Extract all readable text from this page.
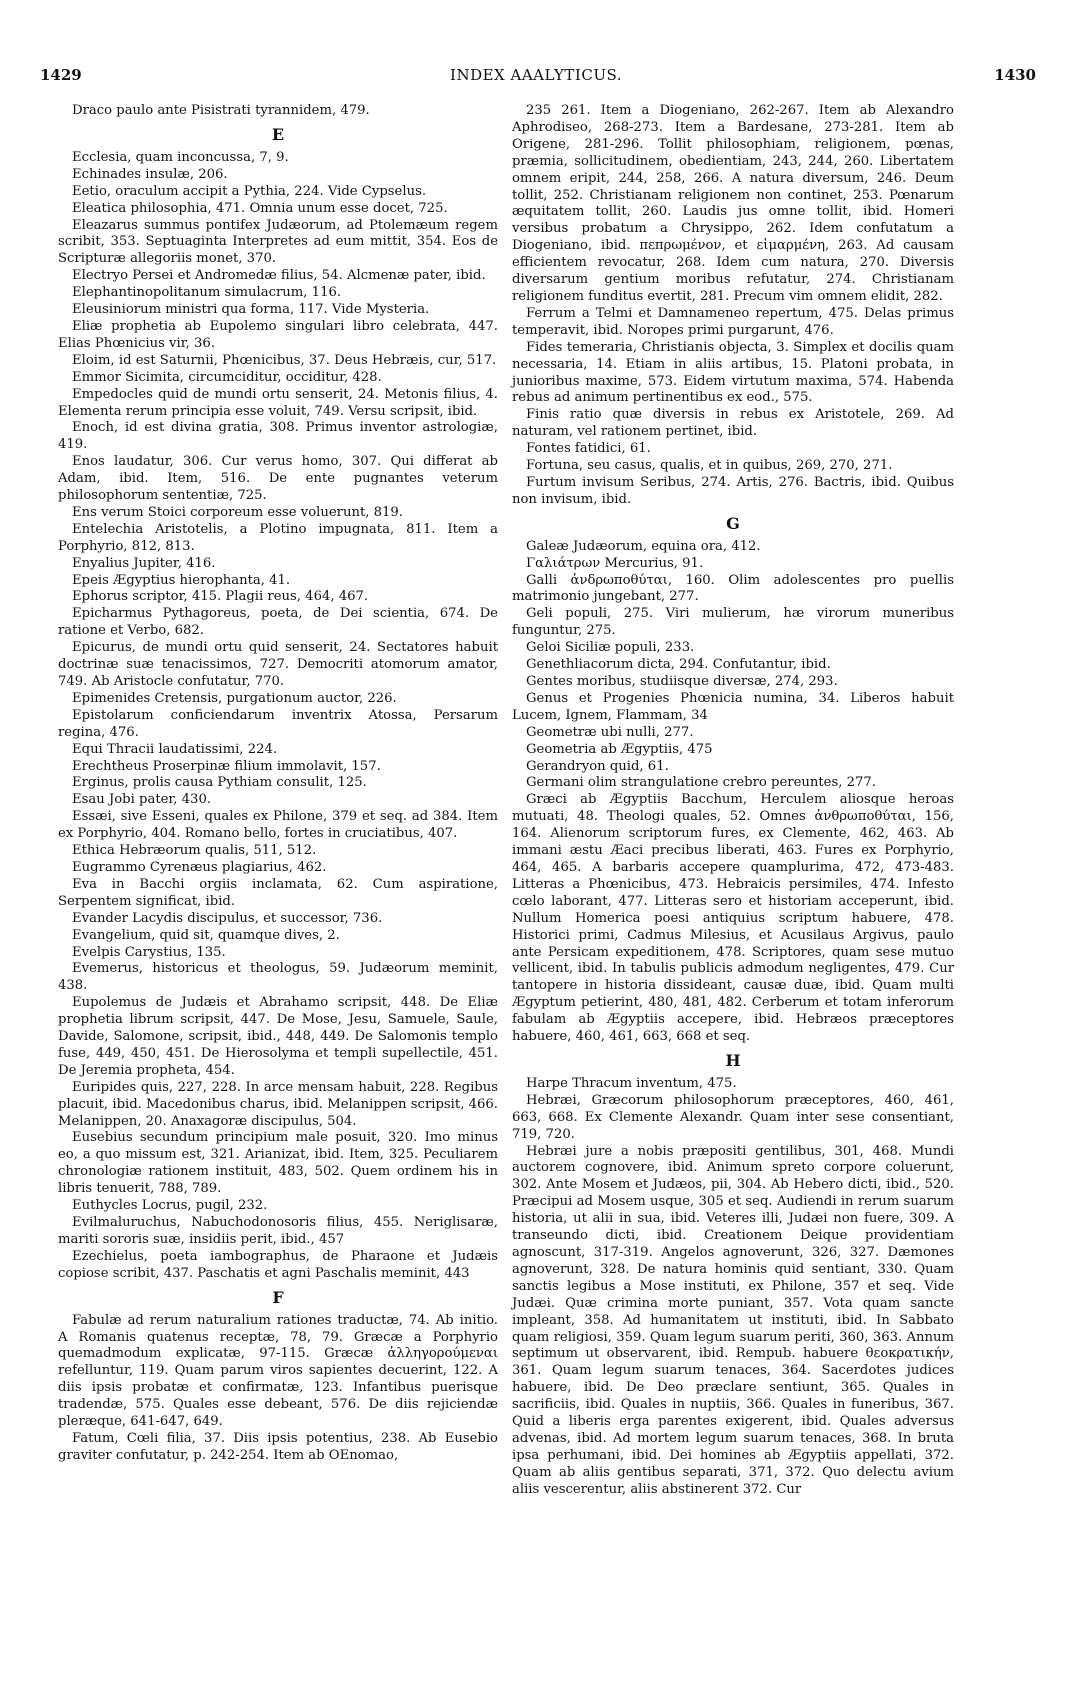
1429	INDEX AAALYTICUS.	1430

Draco paulo ante Pisistrati tyrannidem, 479.

E

Ecclesia, quam inconcussa, 7, 9.

Echinades insulæ, 206.

Eetio, oraculum accipit a Pythia, 224. Vide Cypselus.

Eleatica philosophia, 471. Omnia unum esse docet, 725.

Eleazarus summus pontifex Judæorum, ad Ptolemæum regem scribit, 353. Septuaginta Interpretes ad eum mittit, 354. Eos de Scripturæ allegoriis monet, 370.

Electryo Persei et Andromedæ filius, 54. Alcmenæ pater, ibid.

Elephantinopolitanum simulacrum, 116.

Eleusiniorum ministri qua forma, 117. Vide Mysteria.

Eliæ prophetia ab Eupolemo singulari libro celebrata, 447. Elias Phœnicius vir, 36.

Eloim, id est Saturnii, Phœnicibus, 37. Deus Hebræis, cur, 517.

Emmor Sicimita, circumciditur, occiditur, 428.

Empedocles quid de mundi ortu senserit, 24. Metonis filius, 4. Elementa rerum principia esse voluit, 749. Versu scripsit, ibid.

Enoch, id est divina gratia, 308. Primus inventor astrologiæ, 419.

Enos laudatur, 306. Cur verus homo, 307. Qui differat ab Adam, ibid. Item, 516. De ente pugnantes veterum philosophorum sententiæ, 725.

Ens verum Stoici corporeum esse voluerunt, 819.

Entelechia Aristotelis, a Plotino impugnata, 811. Item a Porphyrio, 812, 813.

Enyalius Jupiter, 416.

Epeis Ægyptius hierophanta, 41.

Ephorus scriptor, 415. Plagii reus, 464, 467.

Epicharmus Pythagoreus, poeta, de Dei scientia, 674. De ratione et Verbo, 682.

Epicurus, de mundi ortu quid senserit, 24. Sectatores habuit doctrinæ suæ tenacissimos, 727. Democriti atomorum amator, 749. Ab Aristocle confutatur, 770.

Epimenides Cretensis, purgationum auctor, 226.

Epistolarum conficiendarum inventrix Atossa, Persarum regina, 476.

Equi Thracii laudatissimi, 224.

Erechtheus Proserpinæ filium immolavit, 157.

Erginus, prolis causa Pythiam consulit, 125.

Esau Jobi pater, 430.

Essæi, sive Esseni, quales ex Philone, 379 et seq. ad 384. Item ex Porphyrio, 404. Romano bello, fortes in cruciatibus, 407.

Ethica Hebræorum qualis, 511, 512.

Eugrammo Cyrenæus plagiarius, 462.

Eva in Bacchi orgiis inclamata, 62. Cum aspiratione, Serpentem significat, ibid.

Evander Lacydis discipulus, et successor, 736.

Evangelium, quid sit, quamque dives, 2.

Evelpis Carystius, 135.

Evemerus, historicus et theologus, 59. Judæorum meminit, 438.

Eupolemus de Judæis et Abrahamo scripsit, 448. De Eliæ prophetia librum scripsit, 447. De Mose, Jesu, Samuele, Saule, Davide, Salomone, scripsit, ibid., 448, 449. De Salomonis templo fuse, 449, 450, 451. De Hierosolyma et templi supellectile, 451. De Jeremia propheta, 454.

Euripides quis, 227, 228. In arce mensam habuit, 228. Regibus placuit, ibid. Macedonibus charus, ibid. Melanippen scripsit, 466. Melanippen, 20. Anaxagoræ discipulus, 504.

Eusebius secundum principium male posuit, 320. Imo minus eo, a quo missum est, 321. Arianizat, ibid. Item, 325. Peculiarem chronologiæ rationem instituit, 483, 502. Quem ordinem his in libris tenuerit, 788, 789.

Euthycles Locrus, pugil, 232.

Evilmaluruchus, Nabuchodonosoris filius, 455. Neriglisaræ, mariti sororis suæ, insidiis perit, ibid., 457

Ezechielus, poeta iambographus, de Pharaone et Judæis copiose scribit, 437. Paschatis et agni Paschalis meminit, 443

F

Fabulæ ad rerum naturalium rationes traductæ, 74. Ab initio. A Romanis quatenus receptæ, 78, 79. Græcæ a Porphyrio quemadmodum explicatæ, 97-115. Græcæ ἀλληγορούμεναι refelluntur, 119. Quam parum viros sapientes decuerint, 122. A diis ipsis probatæ et confirmatæ, 123. Infantibus puerisque tradendæ, 575. Quales esse debeant, 576. De diis rejiciendæ pleræque, 641-647, 649.

Fatum, Cœli filia, 37. Diis ipsis potentius, 238. Ab Eusebio graviter confutatur, p. 242-254. Item ab OEnomao,

235 261. Item a Diogeniano, 262-267. Item ab Alexandro Aphrodiseo, 268-273. Item a Bardesane, 273-281. Item ab Origene, 281-296. Tollit philosophiam, religionem, pœnas, præmia, sollicitudinem, obedientiam, 243, 244, 260. Libertatem omnem eripit, 244, 258, 266. A natura diversum, 246. Deum tollit, 252. Christianam religionem non continet, 253. Pœnarum æquitatem tollit, 260. Laudis jus omne tollit, ibid. Homeri versibus probatum a Chrysippo, 262. Idem confutatum a Diogeniano, ibid. πεπρωμένον, et εἱμαρμένη, 263. Ad causam efficientem revocatur, 268. Idem cum natura, 270. Diversis diversarum gentium moribus refutatur, 274. Christianam religionem funditus evertit, 281. Precum vim omnem elidit, 282.

Ferrum a Telmi et Damnameneo repertum, 475. Delas primus temperavit, ibid. Noropes primi purgarunt, 476.

Fides temeraria, Christianis objecta, 3. Simplex et docilis quam necessaria, 14. Etiam in aliis artibus, 15. Platoni probata, in junioribus maxime, 573. Eidem virtutum maxima, 574. Habenda rebus ad animum pertinentibus ex eod., 575.

Finis ratio quæ diversis in rebus ex Aristotele, 269. Ad naturam, vel rationem pertinet, ibid.

Fontes fatidici, 61.

Fortuna, seu casus, qualis, et in quibus, 269, 270, 271.

Furtum invisum Seribus, 274. Artis, 276. Bactris, ibid. Quibus non invisum, ibid.

G

Galeæ Judæorum, equina ora, 412.

Γαλιάτρων Mercurius, 91.

Galli ἀνδρωποθύται, 160. Olim adolescentes pro puellis matrimonio jungebant, 277.

Geli populi, 275. Viri mulierum, hæ virorum muneribus funguntur, 275.

Geloi Siciliæ populi, 233.

Genethliacorum dicta, 294. Confutantur, ibid.

Gentes moribus, studiisque diversæ, 274, 293.

Genus et Progenies Phœnicia numina, 34. Liberos habuit Lucem, Ignem, Flammam, 34

Geometræ ubi nulli, 277.

Geometria ab Ægyptiis, 475

Gerandryon quid, 61.

Germani olim strangulatione crebro pereuntes, 277.

Græci ab Ægyptiis Bacchum, Herculem aliosque heroas mutuati, 48. Theologi quales, 52. Omnes ἀνθρωποθύται, 156, 164. Alienorum scriptorum fures, ex Clemente, 462, 463. Ab immani æstu Æaci precibus liberati, 463. Fures ex Porphyrio, 464, 465. A barbaris accepere quamplurima, 472, 473-483. Litteras a Phœnicibus, 473. Hebraicis persimiles, 474. Infesto cœlo laborant, 477. Litteras sero et historiam acceperunt, ibid. Nullum Homerica poesi antiquius scriptum habuere, 478. Historici primi, Cadmus Milesius, et Acusilaus Argivus, paulo ante Persicam expeditionem, 478. Scriptores, quam sese mutuo vellicent, ibid. In tabulis publicis admodum negligentes, 479. Cur tantopere in historia dissideant, causæ duæ, ibid. Quam multi Ægyptum petierint, 480, 481, 482. Cerberum et totam inferorum fabulam ab Ægyptiis accepere, ibid. Hebræos præceptores habuere, 460, 461, 663, 668 et seq.

H

Harpe Thracum inventum, 475.

Hebræi, Græcorum philosophorum præceptores, 460, 461, 663, 668. Ex Clemente Alexandr. Quam inter sese consentiant, 719, 720.

Hebræi jure a nobis præpositi gentilibus, 301, 468. Mundi auctorem cognovere, ibid. Animum spreto corpore coluerunt, 302. Ante Mosem et Judæos, pii, 304. Ab Hebero dicti, ibid., 520. Præcipui ad Mosem usque, 305 et seq. Audiendi in rerum suarum historia, ut alii in sua, ibid. Veteres illi, Judæi non fuere, 309. A transeundo dicti, ibid. Creationem Deique providentiam agnoscunt, 317-319. Angelos agnoverunt, 326, 327. Dæmones agnoverunt, 328. De natura hominis quid sentiant, 330. Quam sanctis legibus a Mose instituti, ex Philone, 357 et seq. Vide Judæi. Quæ crimina morte puniant, 357. Vota quam sancte impleant, 358. Ad humanitatem ut instituti, ibid. In Sabbato quam religiosi, 359. Quam legum suarum periti, 360, 363. Annum septimum ut observarent, ibid. Rempub. habuere θεοκρατικήν, 361. Quam legum suarum tenaces, 364. Sacerdotes judices habuere, ibid. De Deo præclare sentiunt, 365. Quales in sacrificiis, ibid. Quales in nuptiis, 366. Quales in funeribus, 367. Quid a liberis erga parentes exigerent, ibid. Quales adversus advenas, ibid. Ad mortem legum suarum tenaces, 368. In bruta ipsa perhumani, ibid. Dei homines ab Ægyptiis appellati, 372. Quam ab aliis gentibus separati, 371, 372. Quo delectu avium aliis vescerentur, aliis abstinerent 372. Cur
